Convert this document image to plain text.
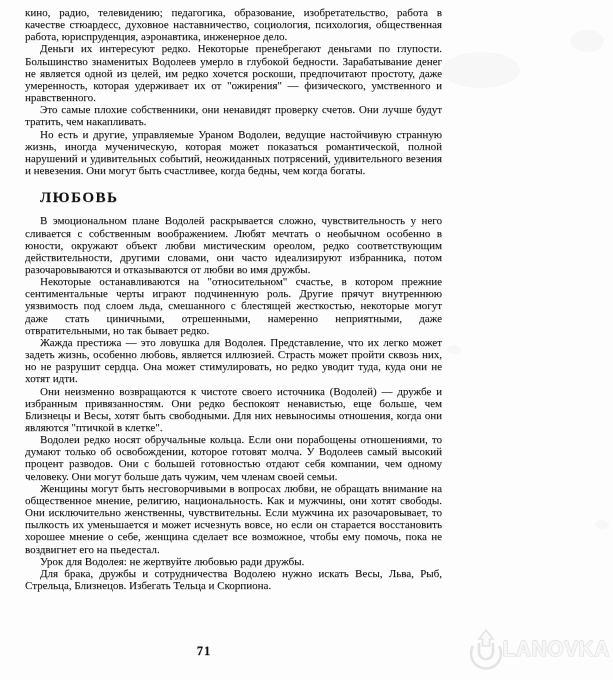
кино, радио, телевидению; педагогика, образование, изобретательство, работа в качестве стюардесс, духовное наставничество, социология, психология, общественная работа, юриспруденция, аэронавтика, инженерное дело.

Деньги их интересуют редко. Некоторые пренебрегают деньгами по глупости. Большинство знаменитых Водолеев умерло в глубокой бедности. Зарабатывание денег не является одной из целей, им редко хочется роскоши, предпочитают простоту, даже умеренность, которая удерживает их от "ожирения" — физического, умственного и нравственного.

Это самые плохие собственники, они ненавидят проверку счетов. Они лучше будут тратить, чем накапливать.

Но есть и другие, управляемые Ураном Водолеи, ведущие настойчивую странную жизнь, иногда мученическую, которая может показаться романтической, полной нарушений и удивительных событий, неожиданных потрясений, удивительного везения и невезения. Они могут быть счастливее, когда бедны, чем когда богаты.

ЛЮБОВЬ

В эмоциональном плане Водолей раскрывается сложно, чувствительность у него сливается с собственным воображением. Любят мечтать о необычном особенно в юности, окружают объект любви мистическим ореолом, редко соответствующим действительности, другими словами, они часто идеализируют избранника, потом разочаровываются и отказываются от любви во имя дружбы.

Некоторые останавливаются на "относительном" счастье, в котором прежние сентиментальные черты играют подчиненную роль. Другие прячут внутреннюю уязвимость под слоем льда, смешанного с блестящей жесткостью, некоторые могут даже стать циничными, отрешенными, намеренно неприятными, даже отвратительными, но так бывает редко.

Жажда престижа — это ловушка для Водолея. Представление, что их легко может задеть жизнь, особенно любовь, является иллюзией. Страсть может пройти сквозь них, но не разрушит сердца. Она может стимулировать, но редко уводит туда, куда они не хотят идти.

Они неизменно возвращаются к чистоте своего источника (Водолей) — дружбе и избранным привязанностям. Они редко беспокоят ненавистью, еще больше, чем Близнецы и Весы, хотят быть свободными. Для них невыносимы отношения, когда они являются "птичкой в клетке".

Водолеи редко носят обручальные кольца. Если они порабощены отношениями, то думают только об освобождении, которое готовят молча. У Водолеев самый высокий процент разводов. Они с большей готовностью отдают себя компании, чем одному человеку. Они могут больше дать чужим, чем членам своей семьи.

Женщины могут быть несговорчивыми в вопросах любви, не обращать внимание на общественное мнение, религию, национальность. Как и мужчины, они хотят свободы. Они исключительно женственны, чувствительны. Если мужчина их разочаровывает, то пылкость их уменьшается и может исчезнуть вовсе, но если он старается восстановить хорошее мнение о себе, женщина сделает все возможное, чтобы ему помочь, пока не воздвигнет его на пьедестал.

Урок для Водолея: не жертвуйте любовью ради дружбы.

Для брака, дружбы и сотрудничества Водолею нужно искать Весы, Льва, Рыб, Стрельца, Близнецов. Избегать Тельца и Скорпиона.

71	LANOVKA
